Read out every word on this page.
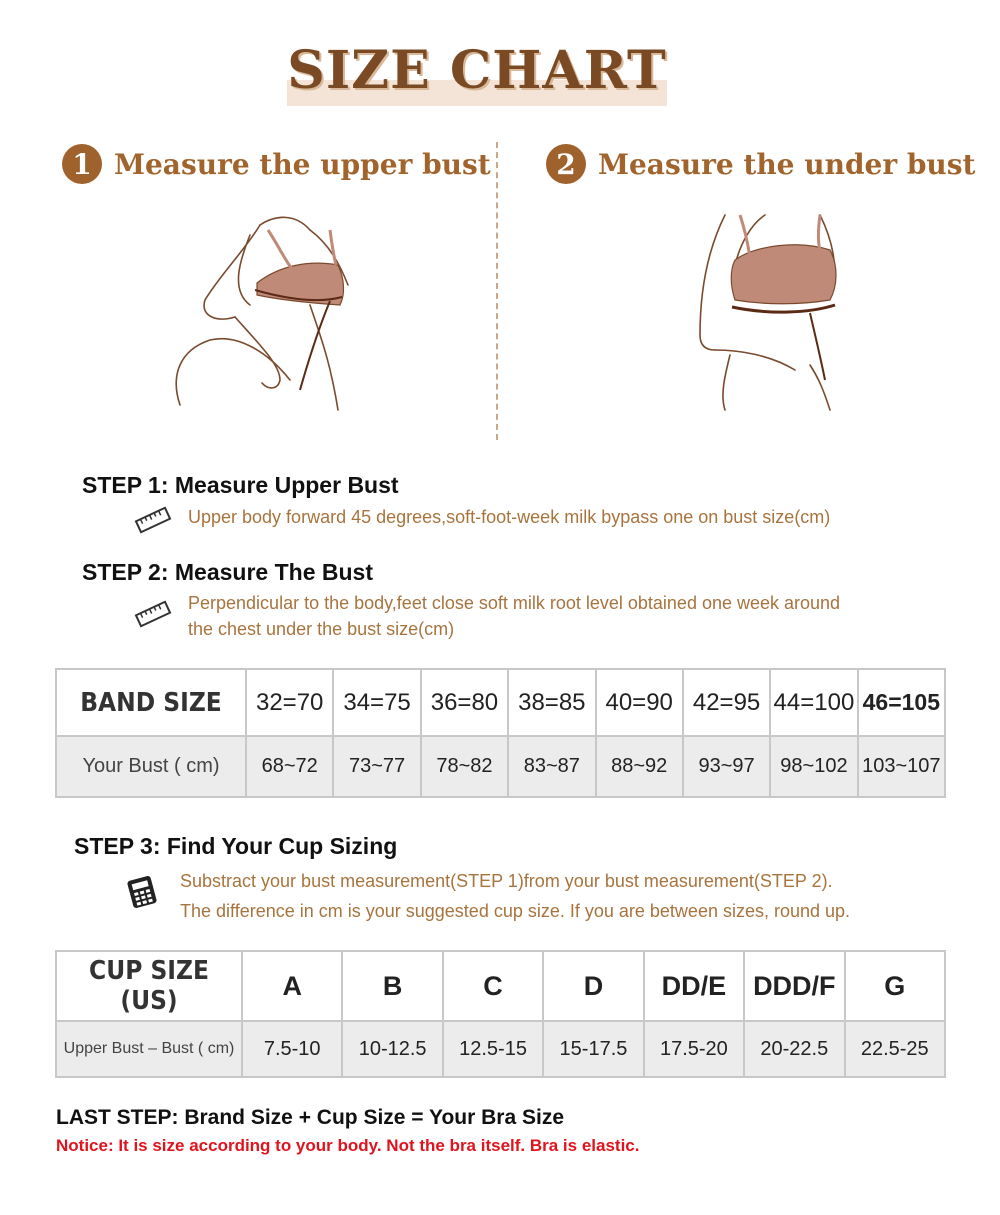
SIZE CHART
1 Measure the upper bust	2 Measure the under bust
STEP 1: Measure Upper Bust
Upper body forward 45 degrees,soft-foot-week milk bypass one on bust size(cm)
STEP 2: Measure The Bust
Perpendicular to the body,feet close soft milk root level obtained one week around
the chest under the bust size(cm)
BAND SIZE	32=70	34=75	36=80	38=85	40=90	42=95	44=100	46=105
Your Bust ( cm)	68~72	73~77	78~82	83~87	88~92	93~97	98~102	103~107
STEP 3: Find Your Cup Sizing
Substract your bust measurement(STEP 1)from your bust measurement(STEP 2).
The difference in cm is your suggested cup size. If you are between sizes, round up.
CUP SIZE (US)	A	B	C	D	DD/E	DDD/F	G
Upper Bust – Bust ( cm)	7.5-10	10-12.5	12.5-15	15-17.5	17.5-20	20-22.5	22.5-25
LAST STEP: Brand Size + Cup Size = Your Bra Size
Notice: It is size according to your body. Not the bra itself. Bra is elastic.
